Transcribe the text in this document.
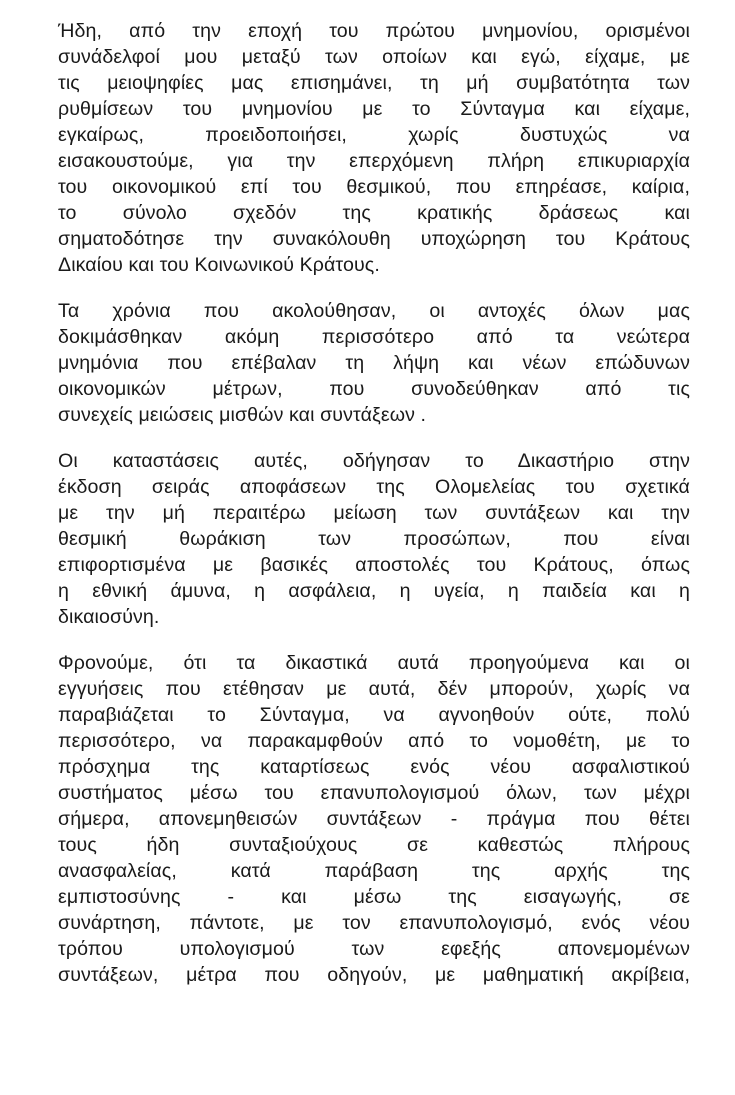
Ήδη, από την εποχή του πρώτου μνημονίου, ορισμένοι
συνάδελφοί μου μεταξύ των οποίων και εγώ, είχαμε, με
τις μειοψηφίες μας επισημάνει, τη μή συμβατότητα των
ρυθμίσεων του μνημονίου με το Σύνταγμα και είχαμε,
εγκαίρως, προειδοποιήσει, χωρίς δυστυχώς να
εισακουστούμε, για την επερχόμενη πλήρη επικυριαρχία
του οικονομικού επί του θεσμικού, που επηρέασε, καίρια,
το σύνολο σχεδόν της κρατικής δράσεως και
σηματοδότησε την συνακόλουθη υποχώρηση του Κράτους
Δικαίου και του Κοινωνικού Κράτους.

Τα χρόνια που ακολούθησαν, οι αντοχές όλων μας
δοκιμάσθηκαν ακόμη περισσότερο από τα νεώτερα
μνημόνια που επέβαλαν τη λήψη και νέων επώδυνων
οικονομικών μέτρων, που συνοδεύθηκαν από τις
συνεχείς μειώσεις μισθών και συντάξεων .

Οι καταστάσεις αυτές, οδήγησαν το Δικαστήριο στην
έκδοση σειράς αποφάσεων της Ολομελείας του σχετικά
με την μή περαιτέρω μείωση των συντάξεων και την
θεσμική θωράκιση των προσώπων, που είναι
επιφορτισμένα με βασικές αποστολές του Κράτους, όπως
η εθνική άμυνα, η ασφάλεια, η υγεία, η παιδεία και η
δικαιοσύνη.

Φρονούμε, ότι τα δικαστικά αυτά προηγούμενα και οι
εγγυήσεις που ετέθησαν με αυτά, δέν μπορούν, χωρίς να
παραβιάζεται το Σύνταγμα, να αγνοηθούν ούτε, πολύ
περισσότερο, να παρακαμφθούν από το νομοθέτη, με το
πρόσχημα της καταρτίσεως ενός νέου ασφαλιστικού
συστήματος μέσω του επανυπολογισμού όλων, των μέχρι
σήμερα, απονεμηθεισών συντάξεων - πράγμα που θέτει
τους ήδη συνταξιούχους σε καθεστώς πλήρους
ανασφαλείας, κατά παράβαση της αρχής της
εμπιστοσύνης - και μέσω της εισαγωγής, σε
συνάρτηση, πάντοτε, με τον επανυπολογισμό, ενός νέου
τρόπου υπολογισμού των εφεξής απονεμομένων
συντάξεων, μέτρα που οδηγούν, με μαθηματική ακρίβεια,
